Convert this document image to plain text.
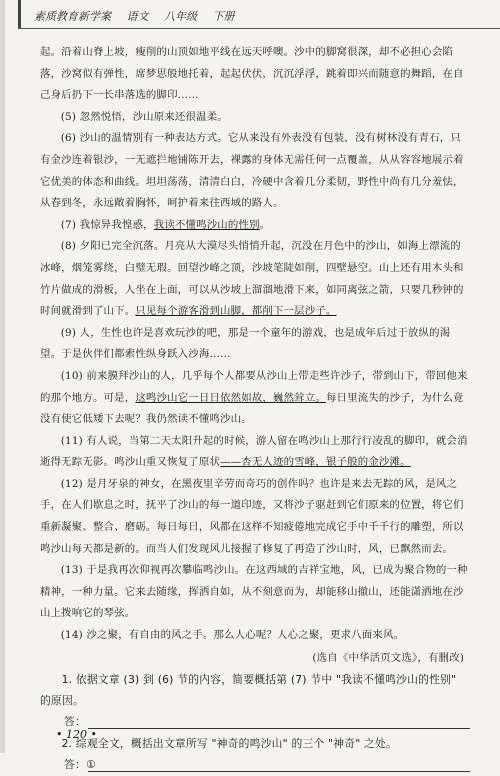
素质教育新学案 语文 八年级 下册

起。沿着山脊上坡，瘦削的山顶如地平线在远天呼噢。沙中的脚窝很深，却不必担心会陷落，沙窝似有弹性，席梦思般地托着，起起伏伏，沉沉浮浮，跳着即兴而随意的舞蹈，在自己身后扔下一长串落选的脚印……

(5) 忽然悦悟，沙山原来还很温柔。

(6) 沙山的温情别有一种表达方式。它从来没有外表没有包装，没有树林没有青石，只有金沙连着银沙，一无遮拦地铺陈开去，裸露的身体无需任何一点覆盖，从从容容地展示着它优美的体态和曲线。坦坦荡荡，清清白白，冷硬中含着几分柔韧，野性中尚有几分羞怯，从春到冬，永远敞着胸怀，呵护着来往西域的路人。

(7) 我惊异我惶惑，我读不懂鸣沙山的性别。

(8) 夕阳已完全沉落。月亮从大漠尽头悄悄升起，沉没在月色中的沙山，如海上漂流的冰峰，烟笼雾绕，白璧无瑕。回望沙峰之顶，沙坡笔陡如削，四壁悬空。山上还有用木头和竹片做成的滑板，人坐在上面，可以从沙坡上溜溜地滑下来，如同离弦之箭，只要几秒钟的时间就滑到了山下。只见每个游客滑到山脚，都削下一层沙子。

(9) 人，生性也许是喜欢玩沙的吧，那是一个童年的游戏，也是成年后过于放纵的渴望。于是伙伴们都索性纵身跃入沙海……

(10) 前来膜拜沙山的人，几乎每个人都要从沙山上带走些许沙子，带到山下，带回他来的那个地方。可是，这鸣沙山它一日日依然如故，巍然耸立。每日里流失的沙子，为什么竟没有使它低矮下去呢？我仍然读不懂鸣沙山。

(11) 有人说，当第二天太阳升起的时候，游人留在鸣沙山上那行行凌乱的脚印，就会消逝得无踪无影。鸣沙山重又恢复了原状——杏无人迹的雪峰，银子般的金沙滩。

(12) 是月牙泉的神女，在黑夜里辛劳而奇巧的创作吗？也许是来去无踪的风，是风之手，在人们歇息之时，抚平了沙山的每一道印迹，又将沙子驱赶到它们原来的位置，将它们重新凝聚、整合、磨砺。每日每日，风都在这样不知疲倦地完成它手中千千行的雕塑，所以鸣沙山每天都是新的。而当人们发现风儿接握了修复了再造了沙山时，风，已飘然而去。

(13) 于是我再次仰视再次攀临鸣沙山。在这西域的吉祥宝地，风，已成为聚合物的一种精神，一种力量。它来去随缘，挥洒自如，从不刻意而为，却能移山撤山，还能潇洒地在沙山上拨响它的琴弦。

(14) 沙之聚，有自由的风之手。那么人心呢？人心之聚，更求八面来风。

(选自《中华活页文选》，有删改)

1. 依据文章 (3) 到 (6) 节的内容，简要概括第 (7) 节中 "我读不懂鸣沙山的性别" 的原因。

答：

2. 综观全文，概括出文章所写 "神奇的鸣沙山" 的三个 "神奇" 之处。

答：①
• 120 •
